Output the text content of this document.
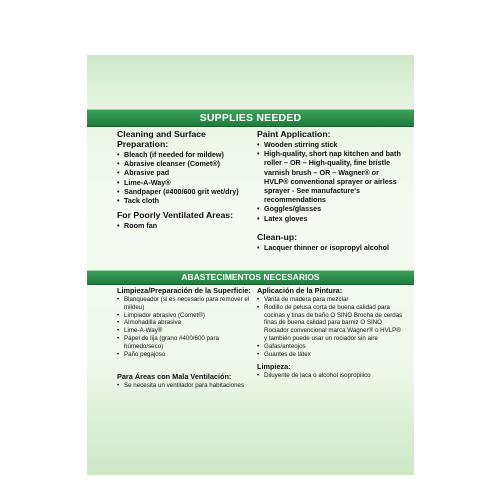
SUPPLIES NEEDED
Cleaning and Surface Preparation:
• Bleach (if needed for mildew)
• Abrasive cleanser (Comet®)
• Abrasive pad
• Lime-A-Way®
• Sandpaper (#400/600 grit wet/dry)
• Tack cloth
For Poorly Ventilated Areas:
• Room fan
Paint Application:
• Wooden stirring stick
• High-quality, short nap kitchen and bath roller – OR – High-quality, fine bristle varnish brush – OR – Wagner® or HVLP® conventional sprayer or airless sprayer - See manufacture's recommendations
• Goggles/glasses
• Latex gloves
Clean-up:
• Lacquer thinner or isopropyl alcohol
ABASTECIMENTOS NECESARIOS
Limpieza/Preparación de la Superficie:
• Blanqueador (si es necesario para remover el mildeu)
• Limpiador abrasivo (Comet®)
• Almohadilla abrasiva
• Lime-A-Way®
• Papel de lija (grano #400/600 para húmedo/seco)
• Paño pegajoso
Para Áreas con Mala Ventilación:
• Se necesita un ventilador para habitaciones
Aplicación de la Pintura:
• Varita de madera para mezclar
• Rodillo de pelusa corta de buena calidad para cocinas y tinas de baño O SINO Brocha de cerdas finas de buena calidad para barniz O SINO Rociador convencional marca Wagner® o HVLP® y también puede usar un rociador sin aire
• Gafas/anteojos
• Guantes de látex
Limpieza:
• Diluyente de laca o alcohol isopropilico
